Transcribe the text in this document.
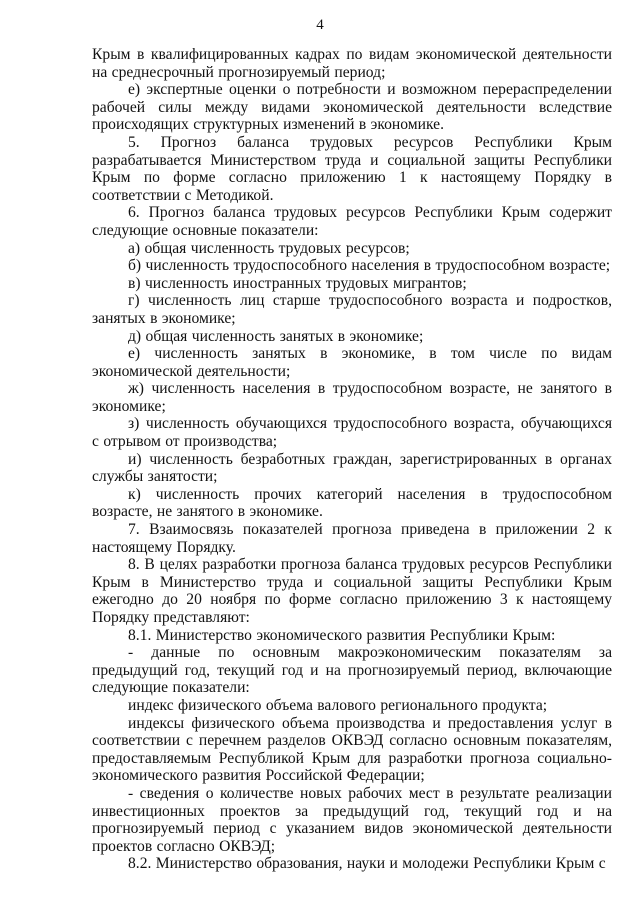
4

Крым в квалифицированных кадрах по видам экономической деятельности на среднесрочный прогнозируемый период;

е) экспертные оценки о потребности и возможном перераспределении рабочей силы между видами экономической деятельности вследствие происходящих структурных изменений в экономике.

5. Прогноз баланса трудовых ресурсов Республики Крым разрабатывается Министерством труда и социальной защиты Республики Крым по форме согласно приложению 1 к настоящему Порядку в соответствии с Методикой.

6. Прогноз баланса трудовых ресурсов Республики Крым содержит следующие основные показатели:

а) общая численность трудовых ресурсов;

б) численность трудоспособного населения в трудоспособном возрасте;

в) численность иностранных трудовых мигрантов;

г) численность лиц старше трудоспособного возраста и подростков, занятых в экономике;

д) общая численность занятых в экономике;

е) численность занятых в экономике, в том числе по видам экономической деятельности;

ж) численность населения в трудоспособном возрасте, не занятого в экономике;

з) численность обучающихся трудоспособного возраста, обучающихся с отрывом от производства;

и) численность безработных граждан, зарегистрированных в органах службы занятости;

к) численность прочих категорий населения в трудоспособном возрасте, не занятого в экономике.

7. Взаимосвязь показателей прогноза приведена в приложении 2 к настоящему Порядку.

8. В целях разработки прогноза баланса трудовых ресурсов Республики Крым в Министерство труда и социальной защиты Республики Крым ежегодно до 20 ноября по форме согласно приложению 3 к настоящему Порядку представляют:

8.1. Министерство экономического развития Республики Крым:

- данные по основным макроэкономическим показателям за предыдущий год, текущий год и на прогнозируемый период, включающие следующие показатели:

индекс физического объема валового регионального продукта;

индексы физического объема производства и предоставления услуг в соответствии с перечнем разделов ОКВЭД согласно основным показателям, предоставляемым Республикой Крым для разработки прогноза социально-экономического развития Российской Федерации;

- сведения о количестве новых рабочих мест в результате реализации инвестиционных проектов за предыдущий год, текущий год и на прогнозируемый период с указанием видов экономической деятельности проектов согласно ОКВЭД;

8.2. Министерство образования, науки и молодежи Республики Крым с
